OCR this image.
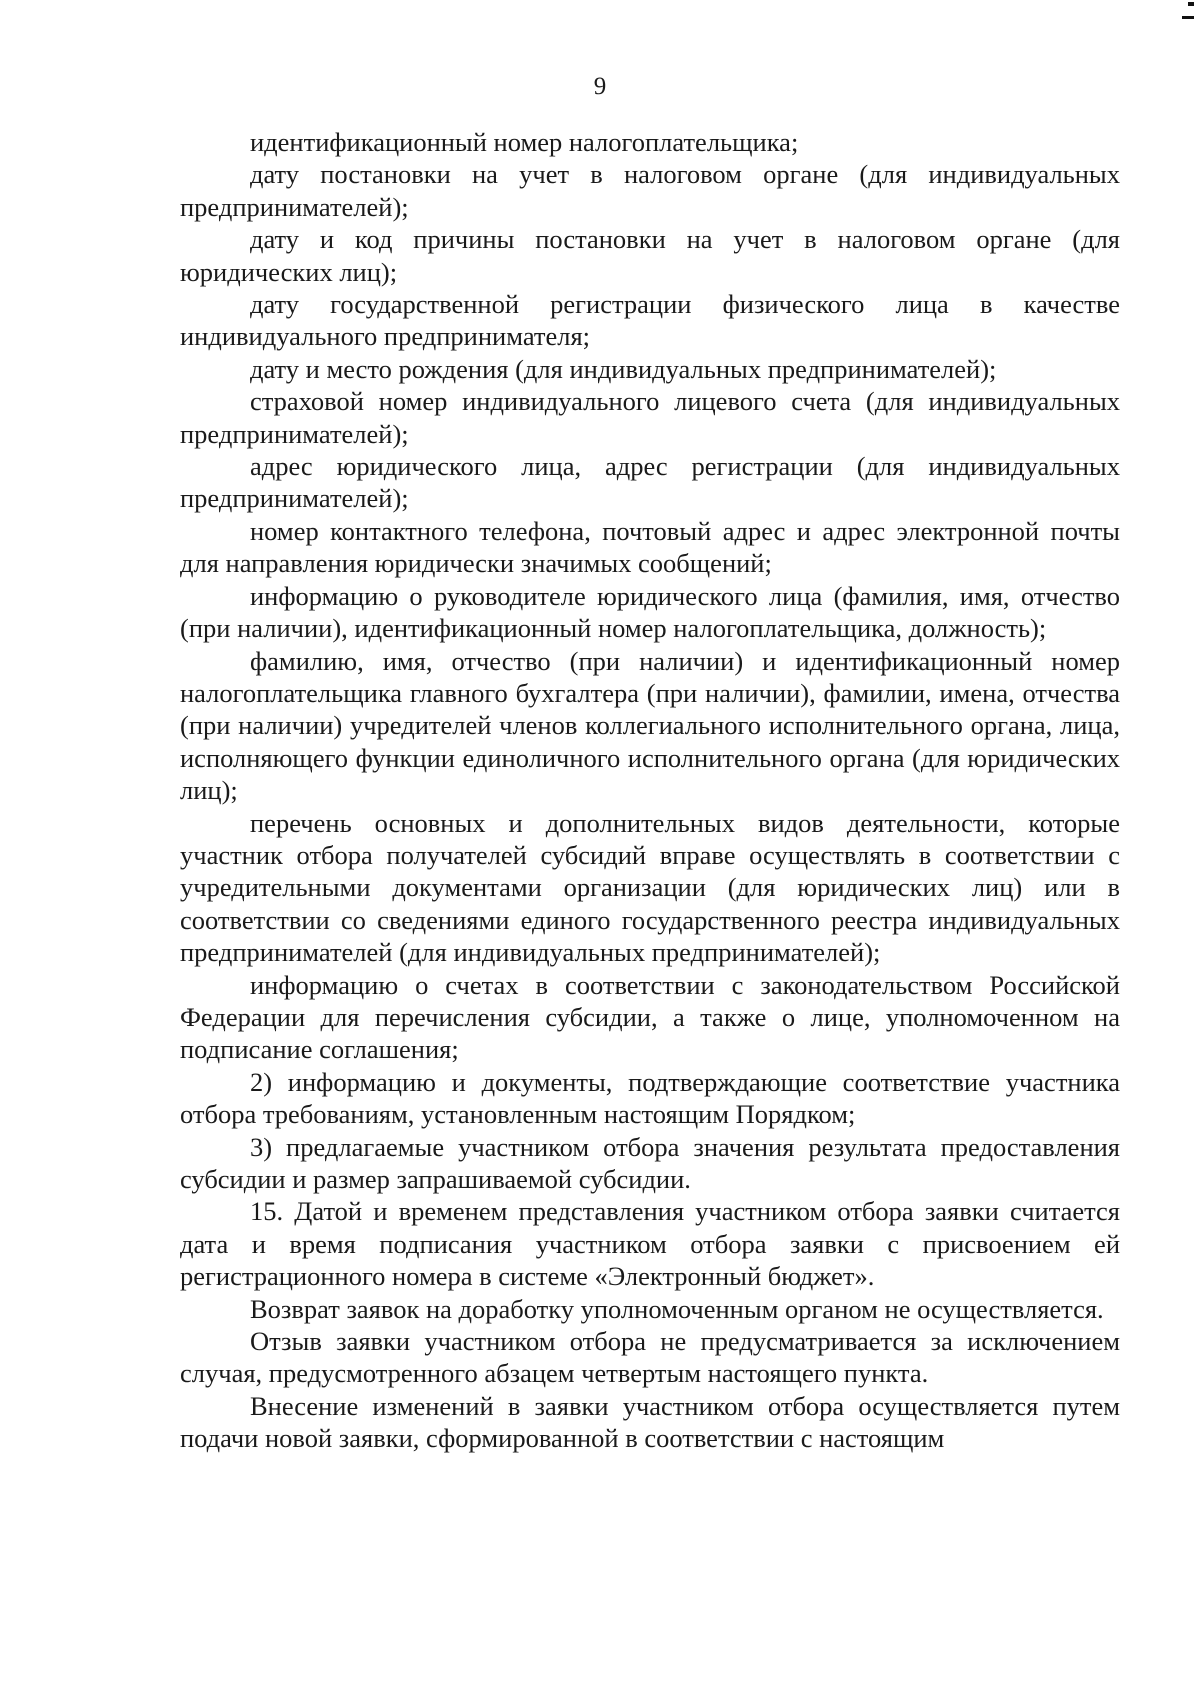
9

идентификационный номер налогоплательщика;

дату постановки на учет в налоговом органе (для индивидуальных предпринимателей);

дату и код причины постановки на учет в налоговом органе (для юридических лиц);

дату государственной регистрации физического лица в качестве индивидуального предпринимателя;

дату и место рождения (для индивидуальных предпринимателей);

страховой номер индивидуального лицевого счета (для индивидуальных предпринимателей);

адрес юридического лица, адрес регистрации (для индивидуальных предпринимателей);

номер контактного телефона, почтовый адрес и адрес электронной почты для направления юридически значимых сообщений;

информацию о руководителе юридического лица (фамилия, имя, отчество (при наличии), идентификационный номер налогоплательщика, должность);

фамилию, имя, отчество (при наличии) и идентификационный номер налогоплательщика главного бухгалтера (при наличии), фамилии, имена, отчества (при наличии) учредителей членов коллегиального исполнительного органа, лица, исполняющего функции единоличного исполнительного органа (для юридических лиц);

перечень основных и дополнительных видов деятельности, которые участник отбора получателей субсидий вправе осуществлять в соответствии с учредительными документами организации (для юридических лиц) или в соответствии со сведениями единого государственного реестра индивидуальных предпринимателей (для индивидуальных предпринимателей);

информацию о счетах в соответствии с законодательством Российской Федерации для перечисления субсидии, а также о лице, уполномоченном на подписание соглашения;

2) информацию и документы, подтверждающие соответствие участника отбора требованиям, установленным настоящим Порядком;

3) предлагаемые участником отбора значения результата предоставления субсидии и размер запрашиваемой субсидии.

15. Датой и временем представления участником отбора заявки считается дата и время подписания участником отбора заявки с присвоением ей регистрационного номера в системе «Электронный бюджет».

Возврат заявок на доработку уполномоченным органом не осуществляется.

Отзыв заявки участником отбора не предусматривается за исключением случая, предусмотренного абзацем четвертым настоящего пункта.

Внесение изменений в заявки участником отбора осуществляется путем подачи новой заявки, сформированной в соответствии с настоящим
